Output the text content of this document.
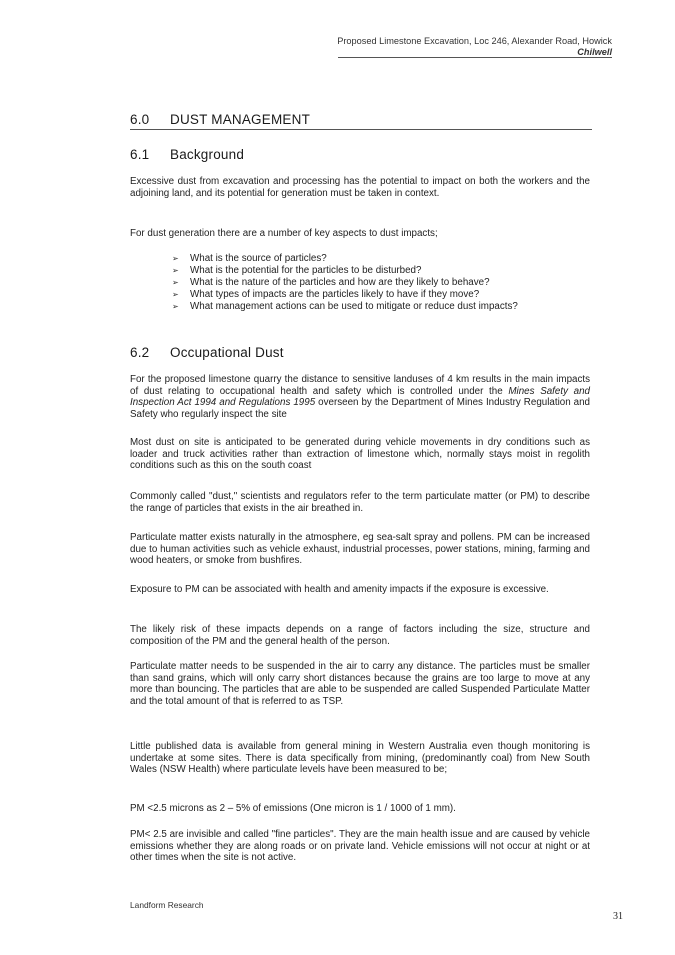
Proposed Limestone Excavation, Loc 246, Alexander Road, Howick
Chilwell
6.0 DUST MANAGEMENT
6.1 Background

Excessive dust from excavation and processing has the potential to impact on both the workers and the adjoining land, and its potential for generation must be taken in context.

For dust generation there are a number of key aspects to dust impacts;

➢ What is the source of particles?
➢ What is the potential for the particles to be disturbed?
➢ What is the nature of the particles and how are they likely to behave?
➢ What types of impacts are the particles likely to have if they move?
➢ What management actions can be used to mitigate or reduce dust impacts?
6.2 Occupational Dust

For the proposed limestone quarry the distance to sensitive landuses of 4 km results in the main impacts of dust relating to occupational health and safety which is controlled under the Mines Safety and Inspection Act 1994 and Regulations 1995 overseen by the Department of Mines Industry Regulation and Safety who regularly inspect the site

Most dust on site is anticipated to be generated during vehicle movements in dry conditions such as loader and truck activities rather than extraction of limestone which, normally stays moist in regolith conditions such as this on the south coast

Commonly called "dust," scientists and regulators refer to the term particulate matter (or PM) to describe the range of particles that exists in the air breathed in.

Particulate matter exists naturally in the atmosphere, eg sea-salt spray and pollens. PM can be increased due to human activities such as vehicle exhaust, industrial processes, power stations, mining, farming and wood heaters, or smoke from bushfires.

Exposure to PM can be associated with health and amenity impacts if the exposure is excessive.

The likely risk of these impacts depends on a range of factors including the size, structure and composition of the PM and the general health of the person.

Particulate matter needs to be suspended in the air to carry any distance. The particles must be smaller than sand grains, which will only carry short distances because the grains are too large to move at any more than bouncing. The particles that are able to be suspended are called Suspended Particulate Matter and the total amount of that is referred to as TSP.

Little published data is available from general mining in Western Australia even though monitoring is undertake at some sites. There is data specifically from mining, (predominantly coal) from New South Wales (NSW Health) where particulate levels have been measured to be;

PM <2.5 microns as 2 – 5% of emissions (One micron is 1 / 1000 of 1 mm).

PM< 2.5 are invisible and called "fine particles". They are the main health issue and are caused by vehicle emissions whether they are along roads or on private land. Vehicle emissions will not occur at night or at other times when the site is not active.

Landform Research
31
